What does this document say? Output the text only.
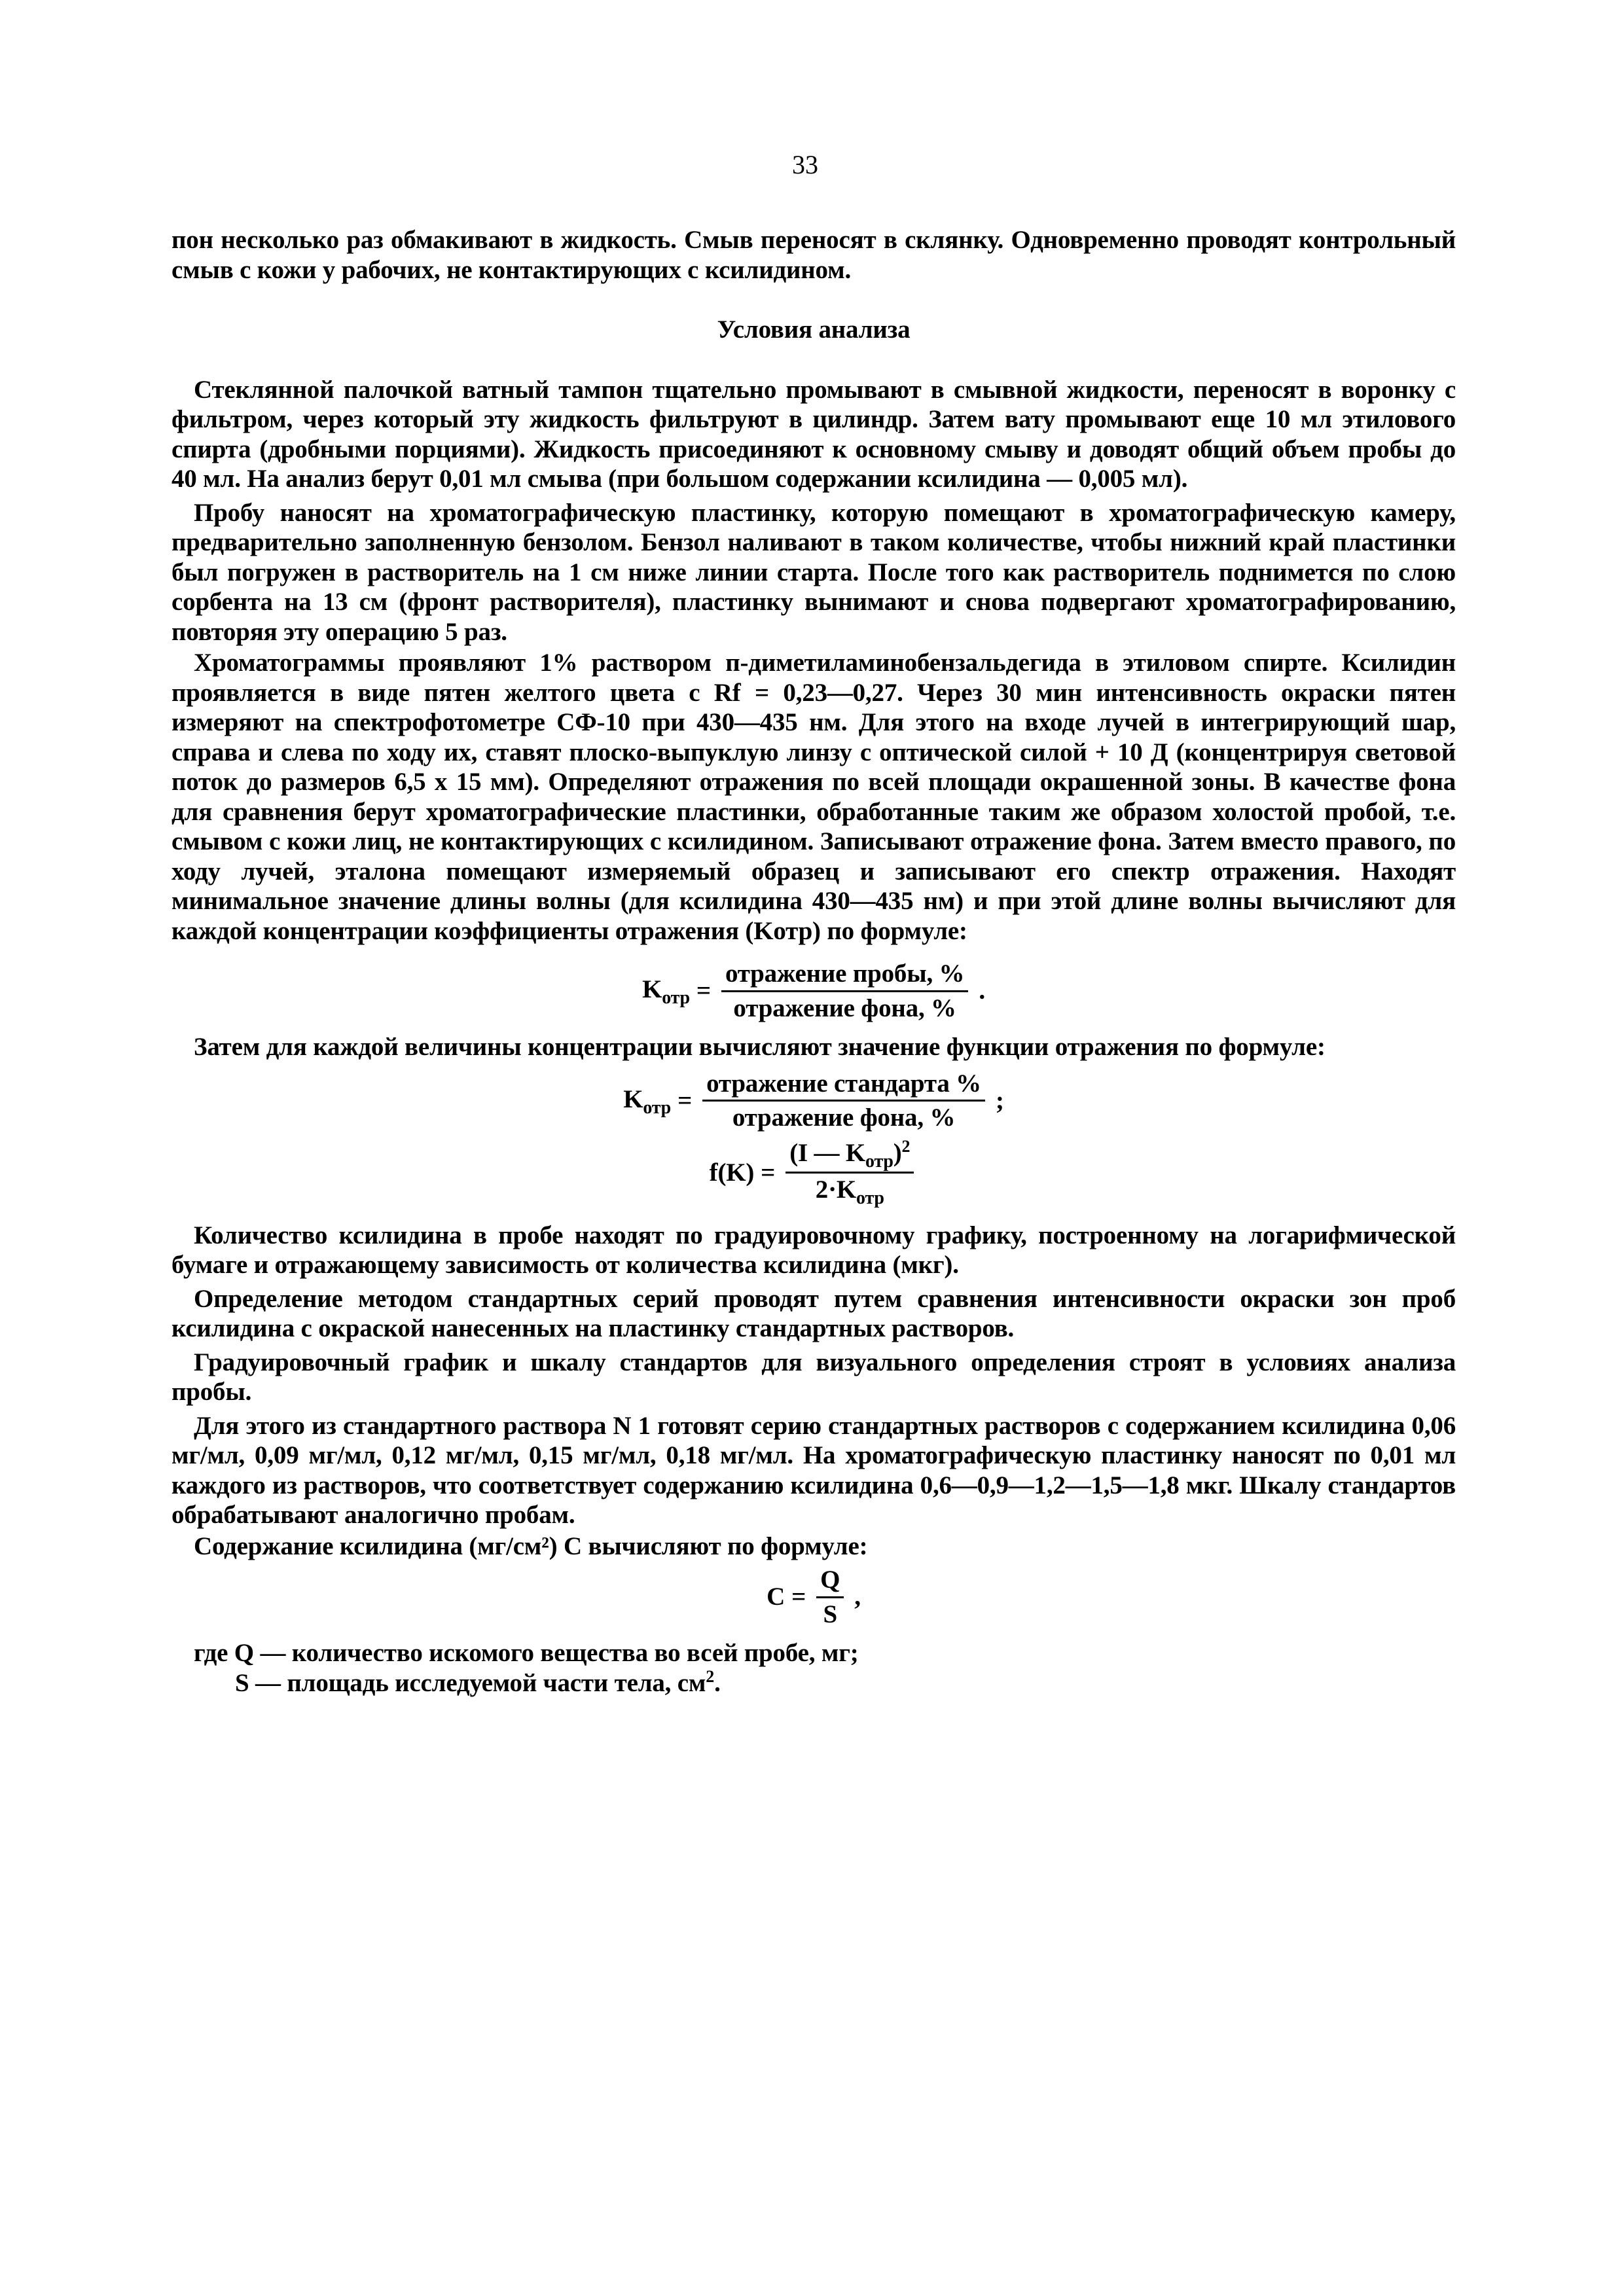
33

пон несколько раз обмакивают в жидкость. Смыв переносят в склянку. Одновременно проводят контрольный смыв с кожи у рабочих, не контактирующих с ксилидином.

Условия анализа

Стеклянной палочкой ватный тампон тщательно промывают в смывной жидкости, переносят в воронку с фильтром, через который эту жидкость фильтруют в цилиндр. Затем вату промывают еще 10 мл этилового спирта (дробными порциями). Жидкость присоединяют к основному смыву и доводят общий объем пробы до 40 мл. На анализ берут 0,01 мл смыва (при большом содержании ксилидина — 0,005 мл).

Пробу наносят на хроматографическую пластинку, которую помещают в хроматографическую камеру, предварительно заполненную бензолом. Бензол наливают в таком количестве, чтобы нижний край пластинки был погружен в растворитель на 1 см ниже линии старта. После того как растворитель поднимется по слою сорбента на 13 см (фронт растворителя), пластинку вынимают и снова подвергают хроматографированию, повторяя эту операцию 5 раз.

Хроматограммы проявляют 1% раствором п-диметиламинобензальдегида в этиловом спирте. Ксилидин проявляется в виде пятен желтого цвета с Rf = 0,23—0,27. Через 30 мин интенсивность окраски пятен измеряют на спектрофотометре СФ-10 при 430—435 нм. Для этого на входе лучей в интегрирующий шар, справа и слева по ходу их, ставят плоско-выпуклую линзу с оптической силой + 10 Д (концентрируя световой поток до размеров 6,5 x 15 мм). Определяют отражения по всей площади окрашенной зоны. В качестве фона для сравнения берут хроматографические пластинки, обработанные таким же образом холостой пробой, т.е. смывом с кожи лиц, не контактирующих с ксилидином. Записывают отражение фона. Затем вместо правого, по ходу лучей, эталона помещают измеряемый образец и записывают его спектр отражения. Находят минимальное значение длины волны (для ксилидина 430—435 нм) и при этой длине волны вычисляют для каждой концентрации коэффициенты отражения (Kотр) по формуле:

$K_{отр} = \frac{\text{отражение пробы, \%}}{\text{отражение фона, \%}}$ .

Затем для каждой величины концентрации вычисляют значение функции отражения по формуле:

$K_{отр} = \frac{\text{отражение стандарта \%}}{\text{отражение фона, \%}}$ ;
$f(K) = \frac{(I — K_{отр})^2}{2\cdot K_{отр}}$

Количество ксилидина в пробе находят по градуировочному графику, построенному на логарифмической бумаге и отражающему зависимость от количества ксилидина (мкг).

Определение методом стандартных серий проводят путем сравнения интенсивности окраски зон проб ксилидина с окраской нанесенных на пластинку стандартных растворов.

Градуировочный график и шкалу стандартов для визуального определения строят в условиях анализа пробы.

Для этого из стандартного раствора N 1 готовят серию стандартных растворов с содержанием ксилидина 0,06 мг/мл, 0,09 мг/мл, 0,12 мг/мл, 0,15 мг/мл, 0,18 мг/мл. На хроматографическую пластинку наносят по 0,01 мл каждого из растворов, что соответствует содержанию ксилидина 0,6—0,9—1,2—1,5—1,8 мкг. Шкалу стандартов обрабатывают аналогично пробам.

Содержание ксилидина (мг/см²) С вычисляют по формуле:

$C = \frac{Q}{S}$ ,
где Q — количество искомого вещества во всей пробе, мг;
S — площадь исследуемой части тела, $см^2$.
